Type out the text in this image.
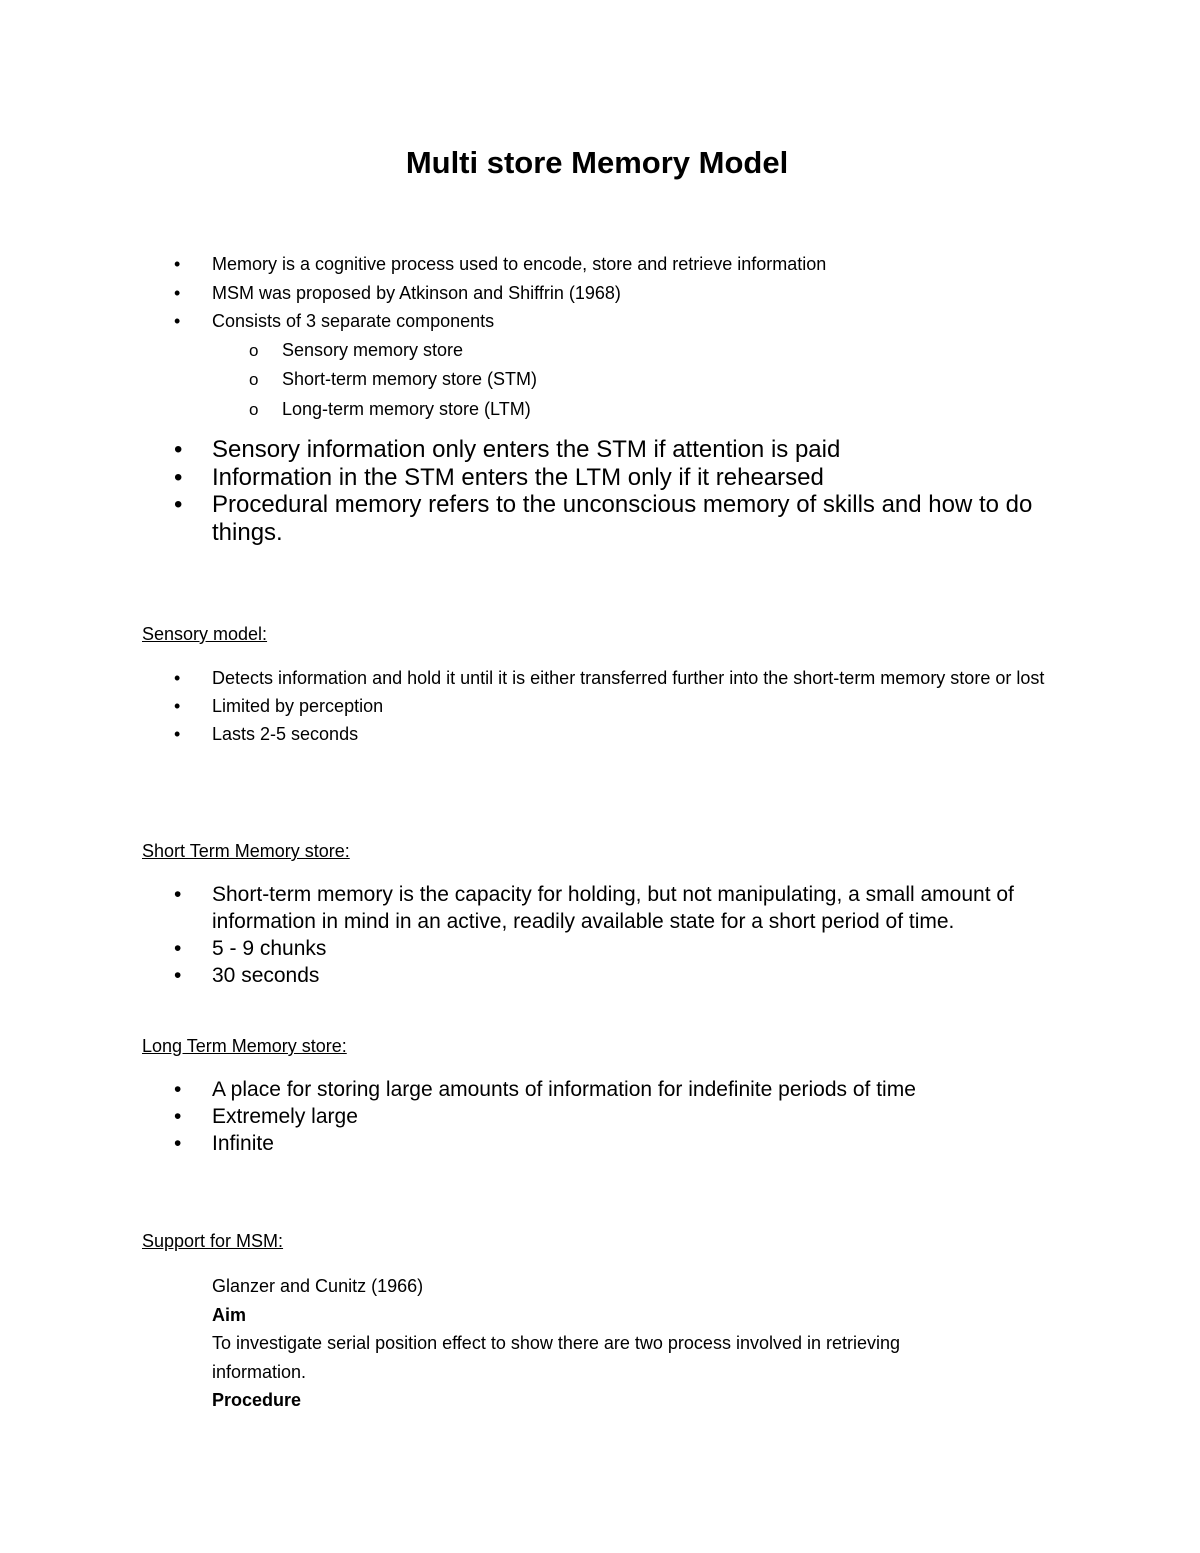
Multi store Memory Model
• Memory is a cognitive process used to encode, store and retrieve information
• MSM was proposed by Atkinson and Shiffrin (1968)
• Consists of 3 separate components
o Sensory memory store
o Short-term memory store (STM)
o Long-term memory store (LTM)
• Sensory information only enters the STM if attention is paid
• Information in the STM enters the LTM only if it rehearsed
• Procedural memory refers to the unconscious memory of skills and how to do things.
Sensory model:
• Detects information and hold it until it is either transferred further into the short-term memory store or lost
• Limited by perception
• Lasts 2-5 seconds
Short Term Memory store:
• Short-term memory is the capacity for holding, but not manipulating, a small amount of information in mind in an active, readily available state for a short period of time.
• 5 - 9 chunks
• 30 seconds
Long Term Memory store:
• A place for storing large amounts of information for indefinite periods of time
• Extremely large
• Infinite
Support for MSM:
Glanzer and Cunitz (1966)
Aim
To investigate serial position effect to show there are two process involved in retrieving information.
Procedure
